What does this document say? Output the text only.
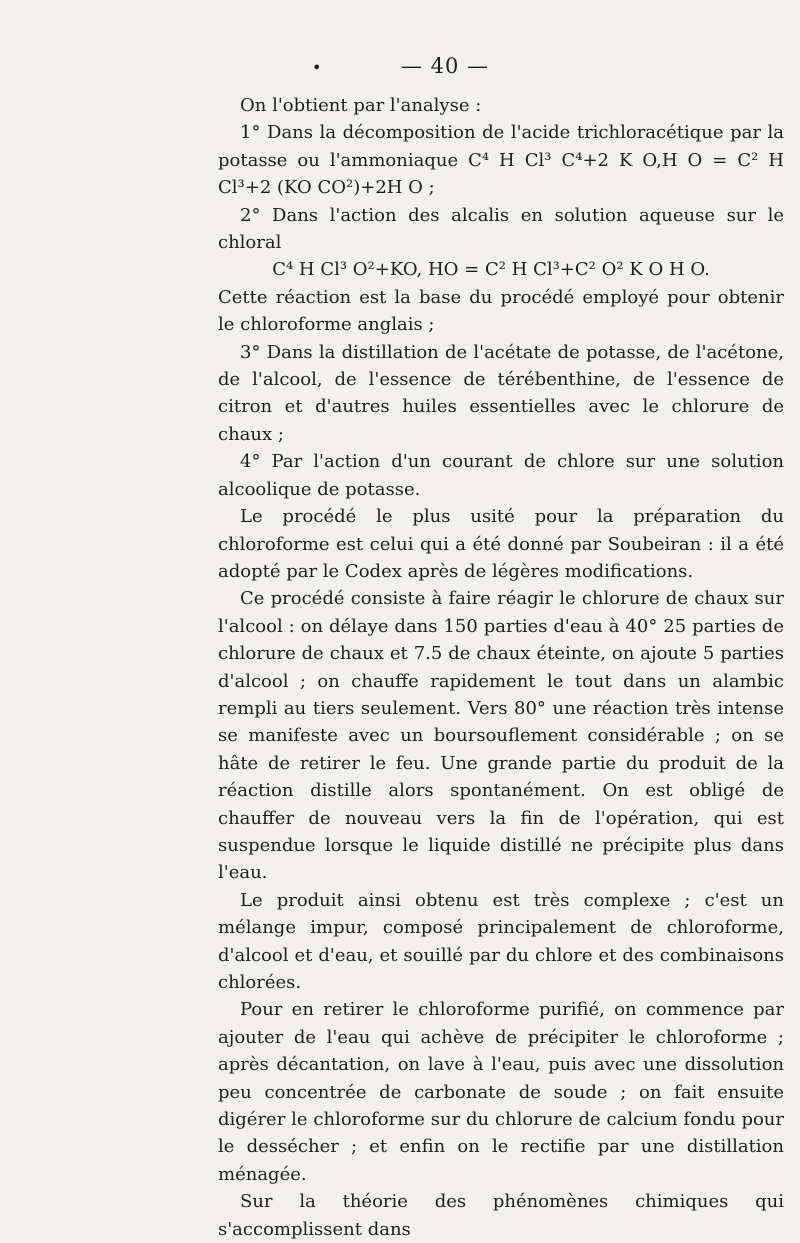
•	— 40 —

On l'obtient par l'analyse :

1° Dans la décomposition de l'acide trichloracétique par la potasse ou l'ammoniaque C⁴ H Cl³ C⁴+2 K O,H O = C² H Cl³+2 (KO CO²)+2H O ;

2° Dans l'action des alcalis en solution aqueuse sur le chloral

C⁴ H Cl³ O²+KO, HO = C² H Cl³+C² O² K O H O.

Cette réaction est la base du procédé employé pour obtenir le chloroforme anglais ;

3° Dans la distillation de l'acétate de potasse, de l'acétone, de l'alcool, de l'essence de térébenthine, de l'essence de citron et d'autres huiles essentielles avec le chlorure de chaux ;

4° Par l'action d'un courant de chlore sur une solution alcoolique de potasse.

Le procédé le plus usité pour la préparation du chloroforme est celui qui a été donné par Soubeiran : il a été adopté par le Codex après de légères modifications.

Ce procédé consiste à faire réagir le chlorure de chaux sur l'alcool : on délaye dans 150 parties d'eau à 40° 25 parties de chlorure de chaux et 7.5 de chaux éteinte, on ajoute 5 parties d'alcool ; on chauffe rapidement le tout dans un alambic rempli au tiers seulement. Vers 80° une réaction très intense se manifeste avec un boursouflement considérable ; on se hâte de retirer le feu. Une grande partie du produit de la réaction distille alors spontanément. On est obligé de chauffer de nouveau vers la fin de l'opération, qui est suspendue lorsque le liquide distillé ne précipite plus dans l'eau.

Le produit ainsi obtenu est très complexe ; c'est un mélange impur, composé principalement de chloroforme, d'alcool et d'eau, et souillé par du chlore et des combinaisons chlorées.

Pour en retirer le chloroforme purifié, on commence par ajouter de l'eau qui achève de précipiter le chloroforme ; après décantation, on lave à l'eau, puis avec une dissolution peu concentrée de carbonate de soude ; on fait ensuite digérer le chloroforme sur du chlorure de calcium fondu pour le dessécher ; et enfin on le rectifie par une distillation ménagée.

Sur la théorie des phénomènes chimiques qui s'accomplissent dans
